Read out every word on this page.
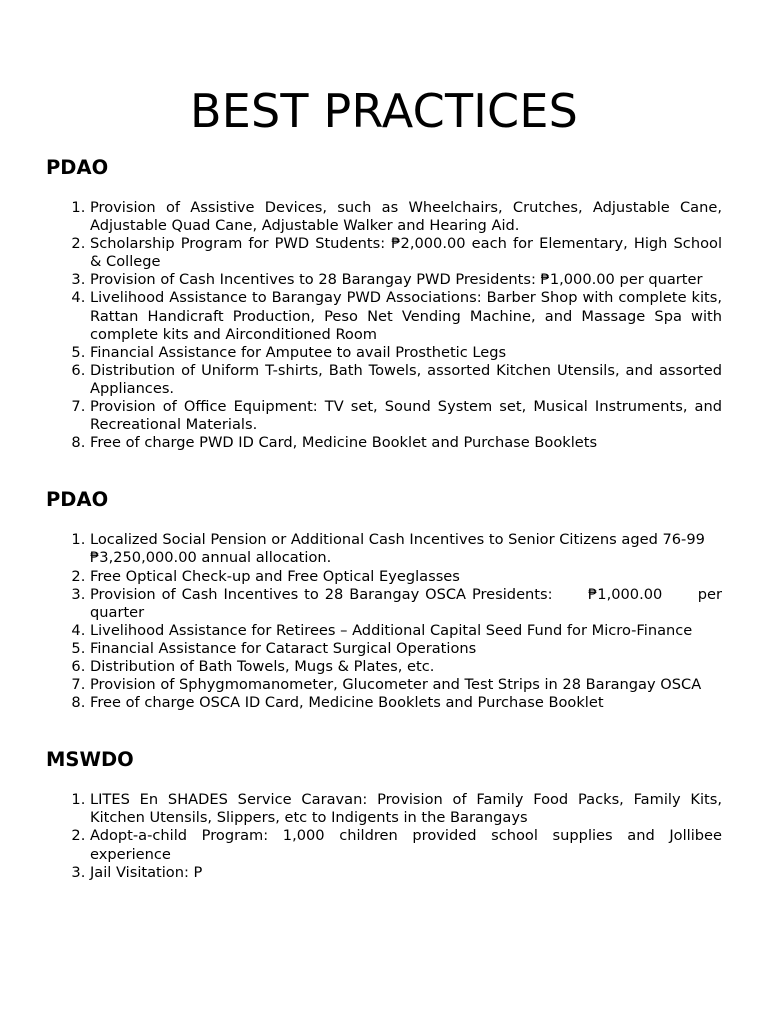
BEST PRACTICES
PDAO
1. Provision of Assistive Devices, such as Wheelchairs, Crutches, Adjustable Cane, Adjustable Quad Cane, Adjustable Walker and Hearing Aid.
2. Scholarship Program for PWD Students: ₱2,000.00 each for Elementary, High School & College
3. Provision of Cash Incentives to 28 Barangay PWD Presidents: ₱1,000.00 per quarter
4. Livelihood Assistance to Barangay PWD Associations: Barber Shop with complete kits, Rattan Handicraft Production, Peso Net Vending Machine, and Massage Spa with complete kits and Airconditioned Room
5. Financial Assistance for Amputee to avail Prosthetic Legs
6. Distribution of Uniform T-shirts, Bath Towels, assorted Kitchen Utensils, and assorted Appliances.
7. Provision of Office Equipment: TV set, Sound System set, Musical Instruments, and Recreational Materials.
8. Free of charge PWD ID Card, Medicine Booklet and Purchase Booklets
PDAO
1. Localized Social Pension or Additional Cash Incentives to Senior Citizens aged 76-99
₱3,250,000.00 annual allocation.
2. Free Optical Check-up and Free Optical Eyeglasses
3. Provision of Cash Incentives to 28 Barangay OSCA Presidents:      ₱1,000.00      per quarter
4. Livelihood Assistance for Retirees – Additional Capital Seed Fund for Micro-Finance
5. Financial Assistance for Cataract Surgical Operations
6. Distribution of Bath Towels, Mugs & Plates, etc.
7. Provision of Sphygmomanometer, Glucometer and Test Strips in 28 Barangay OSCA
8. Free of charge OSCA ID Card, Medicine Booklets and Purchase Booklet
MSWDO
1. LITES En SHADES Service Caravan: Provision of Family Food Packs, Family Kits, Kitchen Utensils, Slippers, etc to Indigents in the Barangays
2. Adopt-a-child Program: 1,000 children provided school supplies and Jollibee experience
3. Jail Visitation: P
